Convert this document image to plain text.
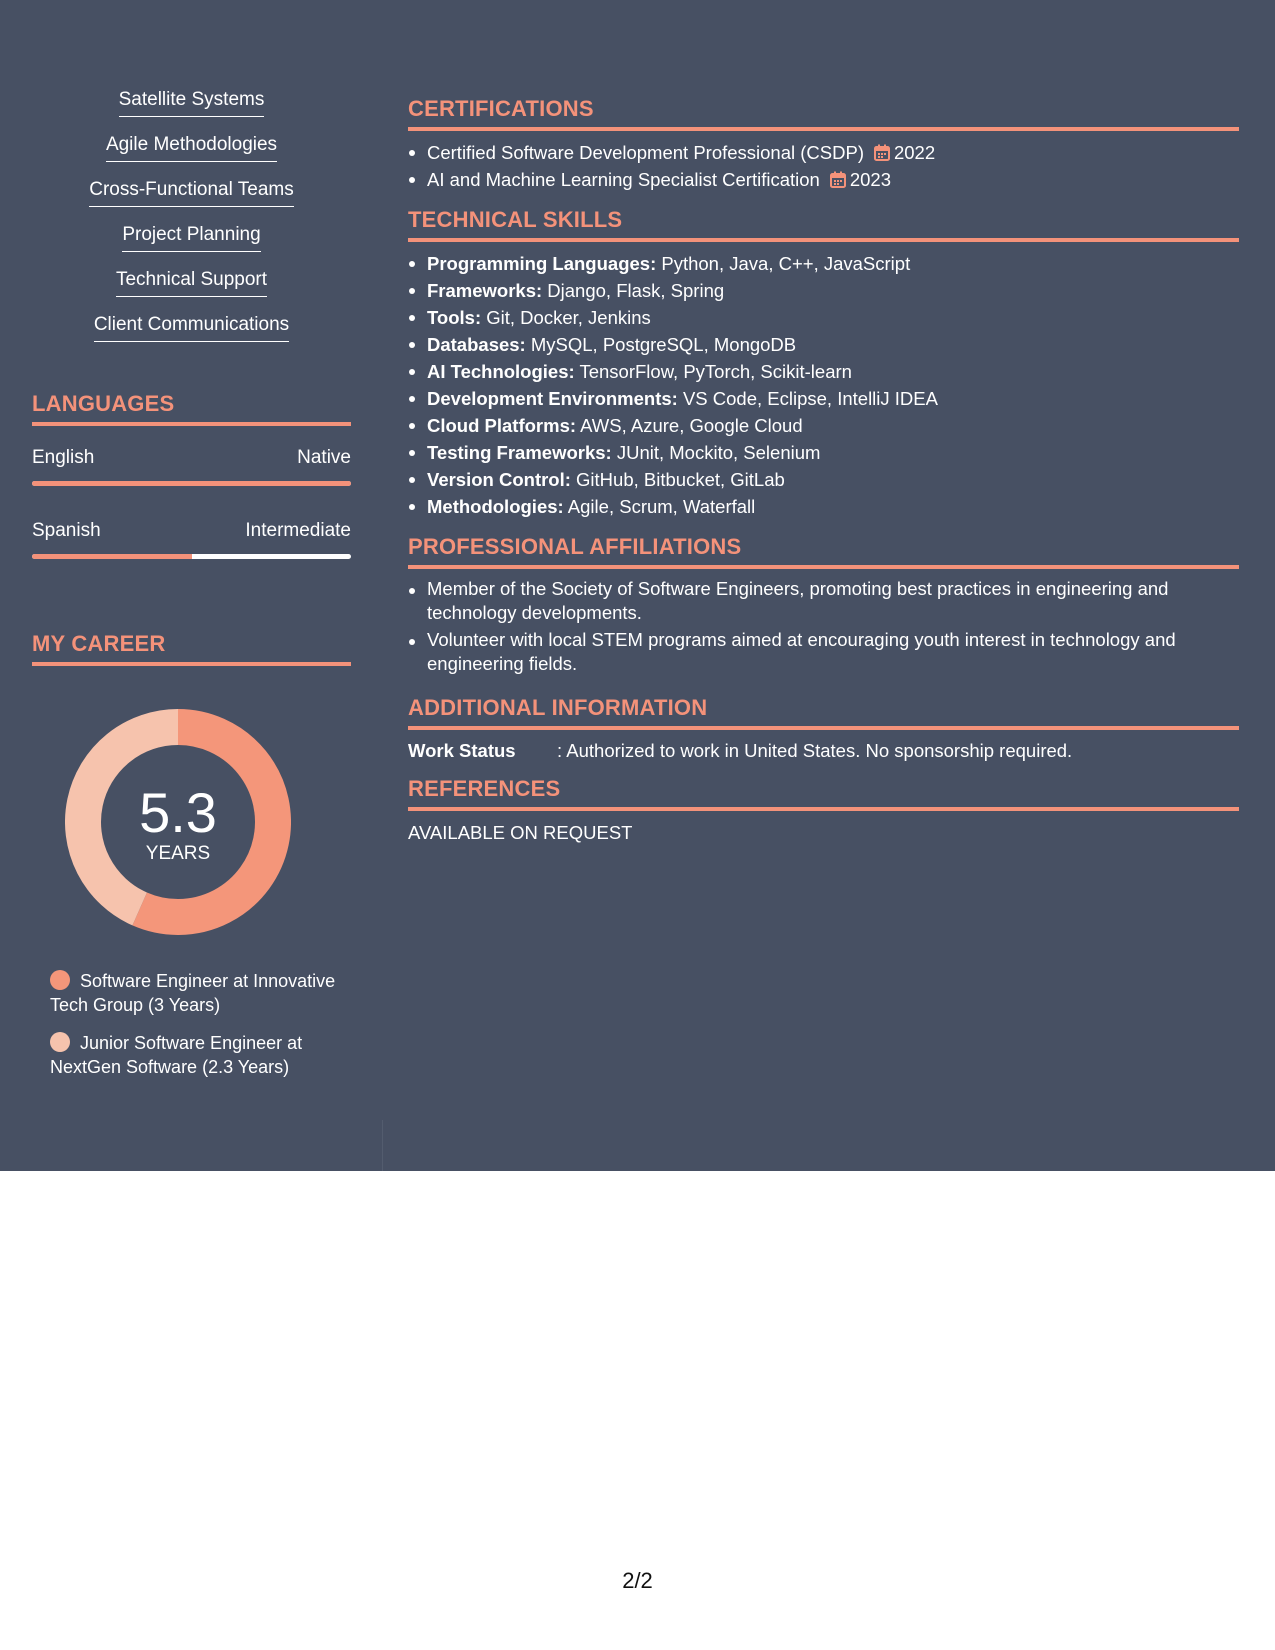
Satellite Systems
Agile Methodologies
Cross-Functional Teams
Project Planning
Technical Support
Client Communications
LANGUAGES
English	Native
Spanish	Intermediate
MY CAREER
5.3
YEARS
Software Engineer at Innovative Tech Group (3 Years)
Junior Software Engineer at NextGen Software (2.3 Years)
CERTIFICATIONS
Certified Software Development Professional (CSDP) 2022
AI and Machine Learning Specialist Certification 2023
TECHNICAL SKILLS
Programming Languages: Python, Java, C++, JavaScript
Frameworks: Django, Flask, Spring
Tools: Git, Docker, Jenkins
Databases: MySQL, PostgreSQL, MongoDB
AI Technologies: TensorFlow, PyTorch, Scikit-learn
Development Environments: VS Code, Eclipse, IntelliJ IDEA
Cloud Platforms: AWS, Azure, Google Cloud
Testing Frameworks: JUnit, Mockito, Selenium
Version Control: GitHub, Bitbucket, GitLab
Methodologies: Agile, Scrum, Waterfall
PROFESSIONAL AFFILIATIONS
Member of the Society of Software Engineers, promoting best practices in engineering and technology developments.
Volunteer with local STEM programs aimed at encouraging youth interest in technology and engineering fields.
ADDITIONAL INFORMATION
Work Status : Authorized to work in United States. No sponsorship required.
REFERENCES
AVAILABLE ON REQUEST
2/2
